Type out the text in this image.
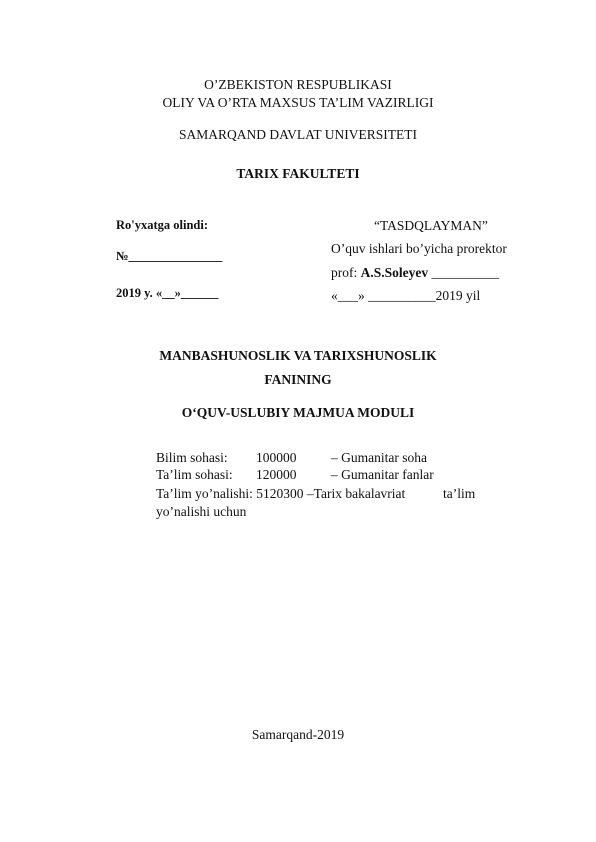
O’ZBEKISTON RESPUBLIKASI
OLIY VA O’RTA MAXSUS TA’LIM VAZIRLIGI
SAMARQAND DAVLAT UNIVERSITETI
TARIX FAKULTETI
Ro'yxatga olindi:
№_______________
2019 y. «__»______
“TASDQLAYMAN”
O’quv ishlari bo’yicha prorektor
prof: A.S.Soleyev __________
«___» __________2019 yil
MANBASHUNOSLIK VA TARIXSHUNOSLIK
FANINING
O‘QUV-USLUBIY MAJMUA MODULI
Bilim sohasi: 100000	– Gumanitar soha
Ta’lim sohasi: 120000	– Gumanitar fanlar
Ta’lim yo’nalishi: 5120300 –Tarix bakalavriat	ta’lim
yo’nalishi uchun
Samarqand-2019
